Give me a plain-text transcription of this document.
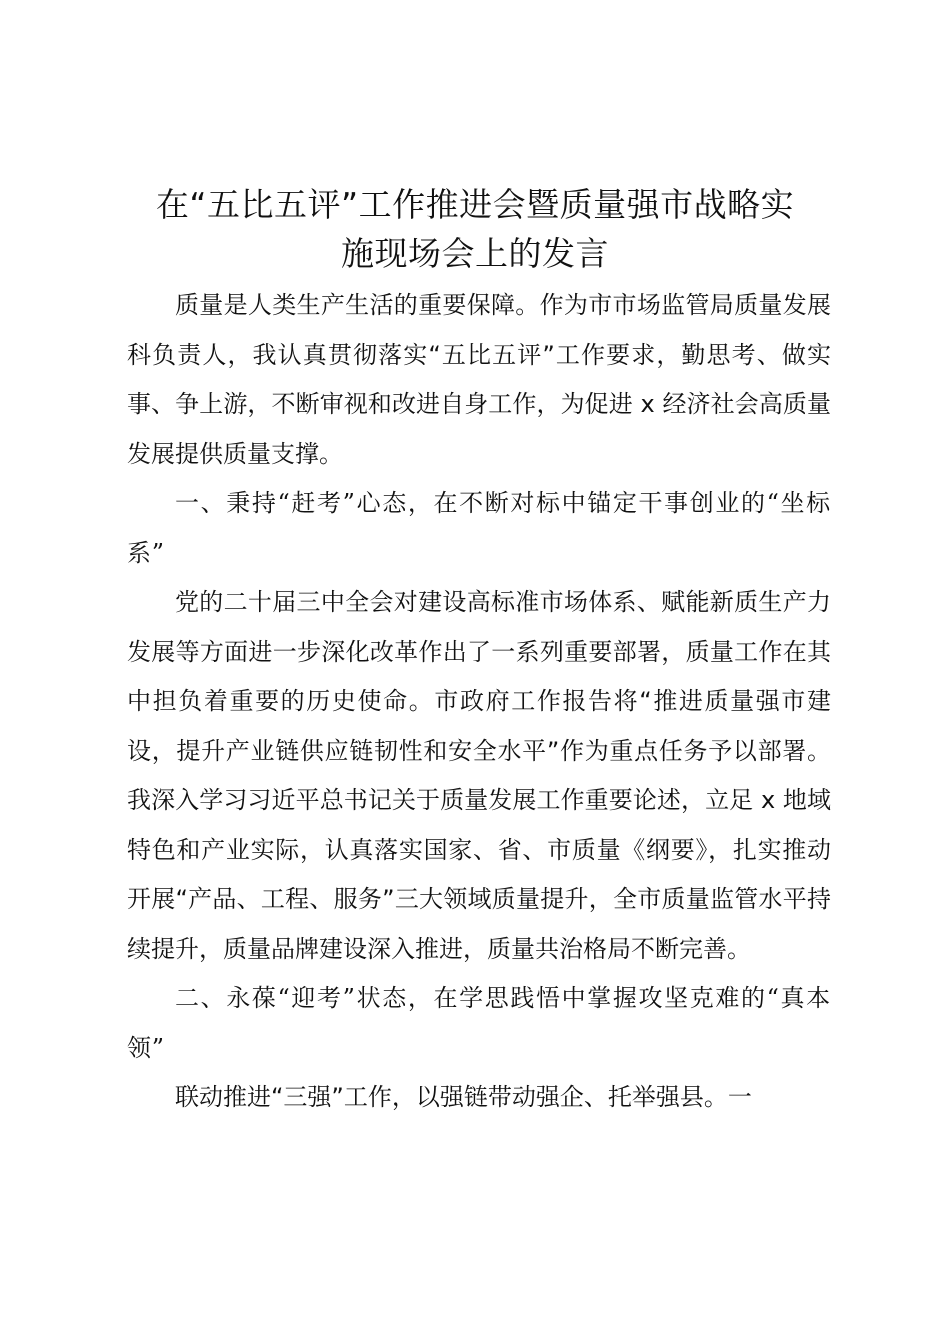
在“五比五评”工作推进会暨质量强市战略实
施现场会上的发言

质量是人类生产生活的重要保障。作为市市场监管局质量发展科负责人，我认真贯彻落实“五比五评”工作要求，勤思考、做实事、争上游，不断审视和改进自身工作，为促进 x 经济社会高质量发展提供质量支撑。

一、秉持“赶考”心态，在不断对标中锚定干事创业的“坐标系”

党的二十届三中全会对建设高标准市场体系、赋能新质生产力发展等方面进一步深化改革作出了一系列重要部署，质量工作在其中担负着重要的历史使命。市政府工作报告将“推进质量强市建设，提升产业链供应链韧性和安全水平”作为重点任务予以部署。我深入学习习近平总书记关于质量发展工作重要论述，立足 x 地域特色和产业实际，认真落实国家、省、市质量《纲要》，扎实推动开展“产品、工程、服务”三大领域质量提升，全市质量监管水平持续提升，质量品牌建设深入推进，质量共治格局不断完善。

二、永葆“迎考”状态，在学思践悟中掌握攻坚克难的“真本领”

联动推进“三强”工作，以强链带动强企、托举强县。一
